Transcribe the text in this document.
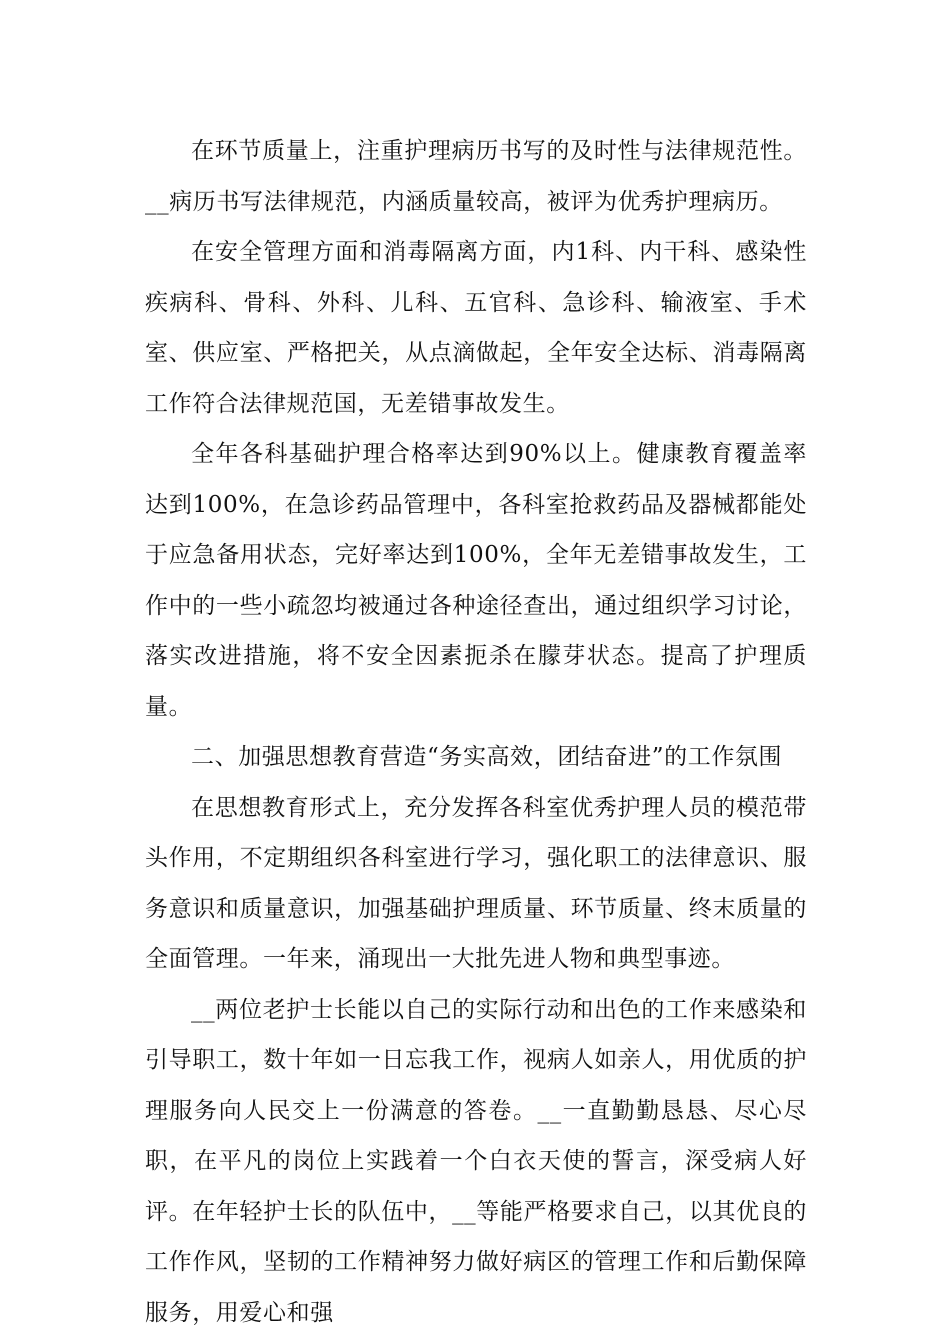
在环节质量上，注重护理病历书写的及时性与法律规范性。__病历书写法律规范，内涵质量较高，被评为优秀护理病历。

在安全管理方面和消毒隔离方面，内1科、内干科、感染性疾病科、骨科、外科、儿科、五官科、急诊科、输液室、手术室、供应室、严格把关，从点滴做起，全年安全达标、消毒隔离工作符合法律规范国，无差错事故发生。

全年各科基础护理合格率达到90%以上。健康教育覆盖率达到100%，在急诊药品管理中，各科室抢救药品及器械都能处于应急备用状态，完好率达到100%，全年无差错事故发生，工作中的一些小疏忽均被通过各种途径查出，通过组织学习讨论，落实改进措施，将不安全因素扼杀在朦芽状态。提高了护理质量。

二、加强思想教育营造“务实高效，团结奋进”的工作氛围

在思想教育形式上，充分发挥各科室优秀护理人员的模范带头作用，不定期组织各科室进行学习，强化职工的法律意识、服务意识和质量意识，加强基础护理质量、环节质量、终末质量的全面管理。一年来，涌现出一大批先进人物和典型事迹。

__两位老护士长能以自己的实际行动和出色的工作来感染和引导职工，数十年如一日忘我工作，视病人如亲人，用优质的护理服务向人民交上一份满意的答卷。__一直勤勤恳恳、尽心尽职，在平凡的岗位上实践着一个白衣天使的誓言，深受病人好评。在年轻护士长的队伍中，__等能严格要求自己，以其优良的工作作风，坚韧的工作精神努力做好病区的管理工作和后勤保障服务，用爱心和强
